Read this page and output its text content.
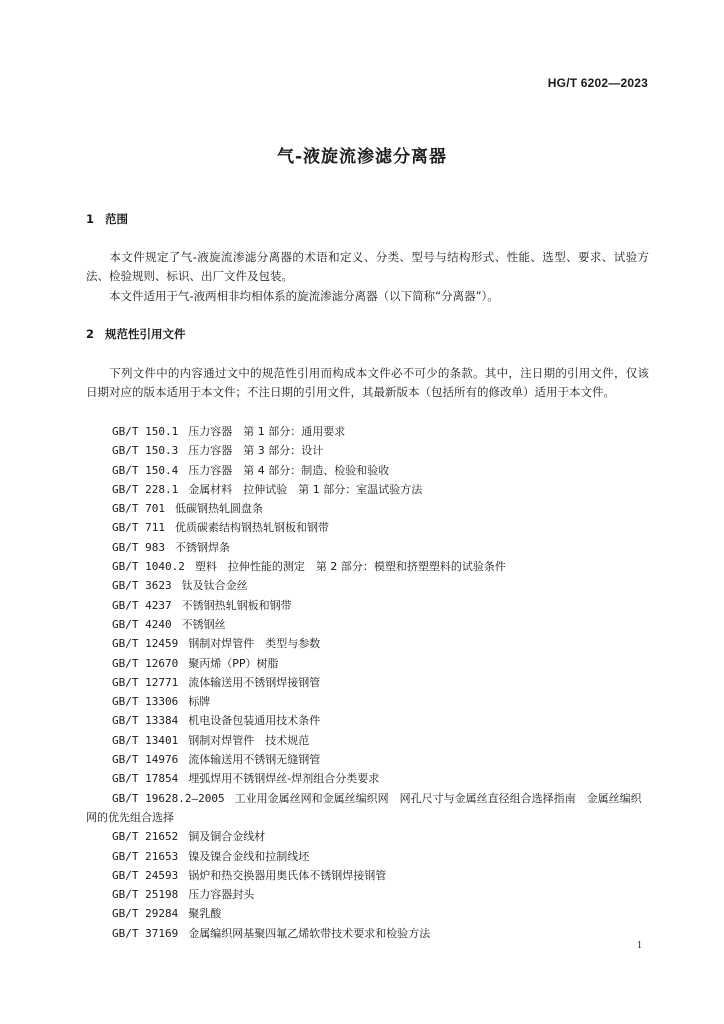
HG/T 6202—2023
气-液旋流渗滤分离器
1 范围
本文件规定了气-液旋流渗滤分离器的术语和定义、分类、型号与结构形式、性能、选型、要求、试验方法、检验规则、标识、出厂文件及包装。
本文件适用于气-液两相非均相体系的旋流渗滤分离器（以下简称“分离器”）。
2 规范性引用文件
下列文件中的内容通过文中的规范性引用而构成本文件必不可少的条款。其中，注日期的引用文件，仅该日期对应的版本适用于本文件；不注日期的引用文件，其最新版本（包括所有的修改单）适用于本文件。
GB/T 150.1 压力容器　第 1 部分：通用要求
GB/T 150.3 压力容器　第 3 部分：设计
GB/T 150.4 压力容器　第 4 部分：制造、检验和验收
GB/T 228.1 金属材料　拉伸试验　第 1 部分：室温试验方法
GB/T 701 低碳钢热轧圆盘条
GB/T 711 优质碳素结构钢热轧钢板和钢带
GB/T 983 不锈钢焊条
GB/T 1040.2 塑料　拉伸性能的测定　第 2 部分：模塑和挤塑塑料的试验条件
GB/T 3623 钛及钛合金丝
GB/T 4237 不锈钢热轧钢板和钢带
GB/T 4240 不锈钢丝
GB/T 12459 钢制对焊管件　类型与参数
GB/T 12670 聚丙烯（PP）树脂
GB/T 12771 流体输送用不锈钢焊接钢管
GB/T 13306 标牌
GB/T 13384 机电设备包装通用技术条件
GB/T 13401 钢制对焊管件　技术规范
GB/T 14976 流体输送用不锈钢无缝钢管
GB/T 17854 埋弧焊用不锈钢焊丝-焊剂组合分类要求
GB/T 19628.2—2005 工业用金属丝网和金属丝编织网　网孔尺寸与金属丝直径组合选择指南　金属丝编织网的优先组合选择
GB/T 21652 铜及铜合金线材
GB/T 21653 镍及镍合金线和拉制线坯
GB/T 24593 锅炉和热交换器用奥氏体不锈钢焊接钢管
GB/T 25198 压力容器封头
GB/T 29284 聚乳酸
GB/T 37169 金属编织网基聚四氟乙烯软带技术要求和检验方法
1
